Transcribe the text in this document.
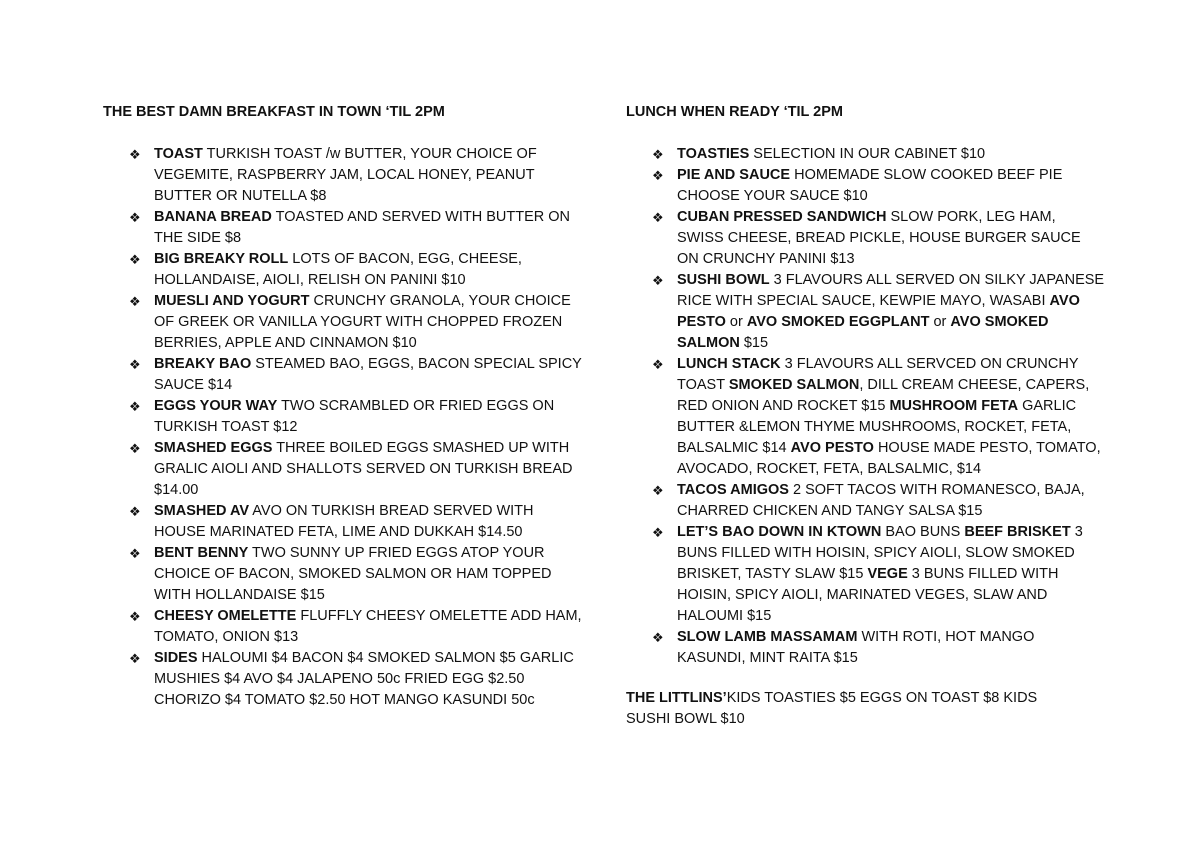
THE BEST DAMN BREAKFAST IN TOWN ‘TIL 2PM

❖ TOAST TURKISH TOAST /w BUTTER, YOUR CHOICE OF VEGEMITE, RASPBERRY JAM, LOCAL HONEY, PEANUT BUTTER OR NUTELLA $8
❖ BANANA BREAD TOASTED AND SERVED WITH BUTTER ON THE SIDE $8
❖ BIG BREAKY ROLL LOTS OF BACON, EGG, CHEESE, HOLLANDAISE, AIOLI, RELISH ON PANINI $10
❖ MUESLI AND YOGURT CRUNCHY GRANOLA, YOUR CHOICE OF GREEK OR VANILLA YOGURT WITH CHOPPED FROZEN BERRIES, APPLE AND CINNAMON $10
❖ BREAKY BAO STEAMED BAO, EGGS, BACON SPECIAL SPICY SAUCE $14
❖ EGGS YOUR WAY TWO SCRAMBLED OR FRIED EGGS ON TURKISH TOAST $12
❖ SMASHED EGGS THREE BOILED EGGS SMASHED UP WITH GRALIC AIOLI AND SHALLOTS SERVED ON TURKISH BREAD $14.00
❖ SMASHED AV AVO ON TURKISH BREAD SERVED WITH HOUSE MARINATED FETA, LIME AND DUKKAH $14.50
❖ BENT BENNY TWO SUNNY UP FRIED EGGS ATOP YOUR CHOICE OF BACON, SMOKED SALMON OR HAM TOPPED WITH HOLLANDAISE $15
❖ CHEESY OMELETTE FLUFFLY CHEESY OMELETTE ADD HAM, TOMATO, ONION $13
❖ SIDES HALOUMI $4 BACON $4 SMOKED SALMON $5 GARLIC MUSHIES $4 AVO $4 JALAPENO 50c FRIED EGG $2.50 CHORIZO $4 TOMATO $2.50 HOT MANGO KASUNDI 50c

LUNCH WHEN READY ‘TIL 2PM

❖ TOASTIES SELECTION IN OUR CABINET $10
❖ PIE AND SAUCE HOMEMADE SLOW COOKED BEEF PIE CHOOSE YOUR SAUCE $10
❖ CUBAN PRESSED SANDWICH SLOW PORK, LEG HAM, SWISS CHEESE, BREAD PICKLE, HOUSE BURGER SAUCE ON CRUNCHY PANINI $13
❖ SUSHI BOWL 3 FLAVOURS ALL SERVED ON SILKY JAPANESE RICE WITH SPECIAL SAUCE, KEWPIE MAYO, WASABI AVO PESTO or AVO SMOKED EGGPLANT or AVO SMOKED SALMON $15
❖ LUNCH STACK 3 FLAVOURS ALL SERVCED ON CRUNCHY TOAST SMOKED SALMON, DILL CREAM CHEESE, CAPERS, RED ONION AND ROCKET $15 MUSHROOM FETA GARLIC BUTTER &LEMON THYME MUSHROOMS, ROCKET, FETA, BALSALMIC $14 AVO PESTO HOUSE MADE PESTO, TOMATO, AVOCADO, ROCKET, FETA, BALSALMIC, $14
❖ TACOS AMIGOS 2 SOFT TACOS WITH ROMANESCO, BAJA, CHARRED CHICKEN AND TANGY SALSA $15
❖ LET’S BAO DOWN IN KTOWN BAO BUNS BEEF BRISKET 3 BUNS FILLED WITH HOISIN, SPICY AIOLI, SLOW SMOKED BRISKET, TASTY SLAW $15 VEGE 3 BUNS FILLED WITH HOISIN, SPICY AIOLI, MARINATED VEGES, SLAW AND HALOUMI $15
❖ SLOW LAMB MASSAMAM WITH ROTI, HOT MANGO KASUNDI, MINT RAITA $15

THE LITTLINS’KIDS TOASTIES $5 EGGS ON TOAST $8 KIDS SUSHI BOWL $10
